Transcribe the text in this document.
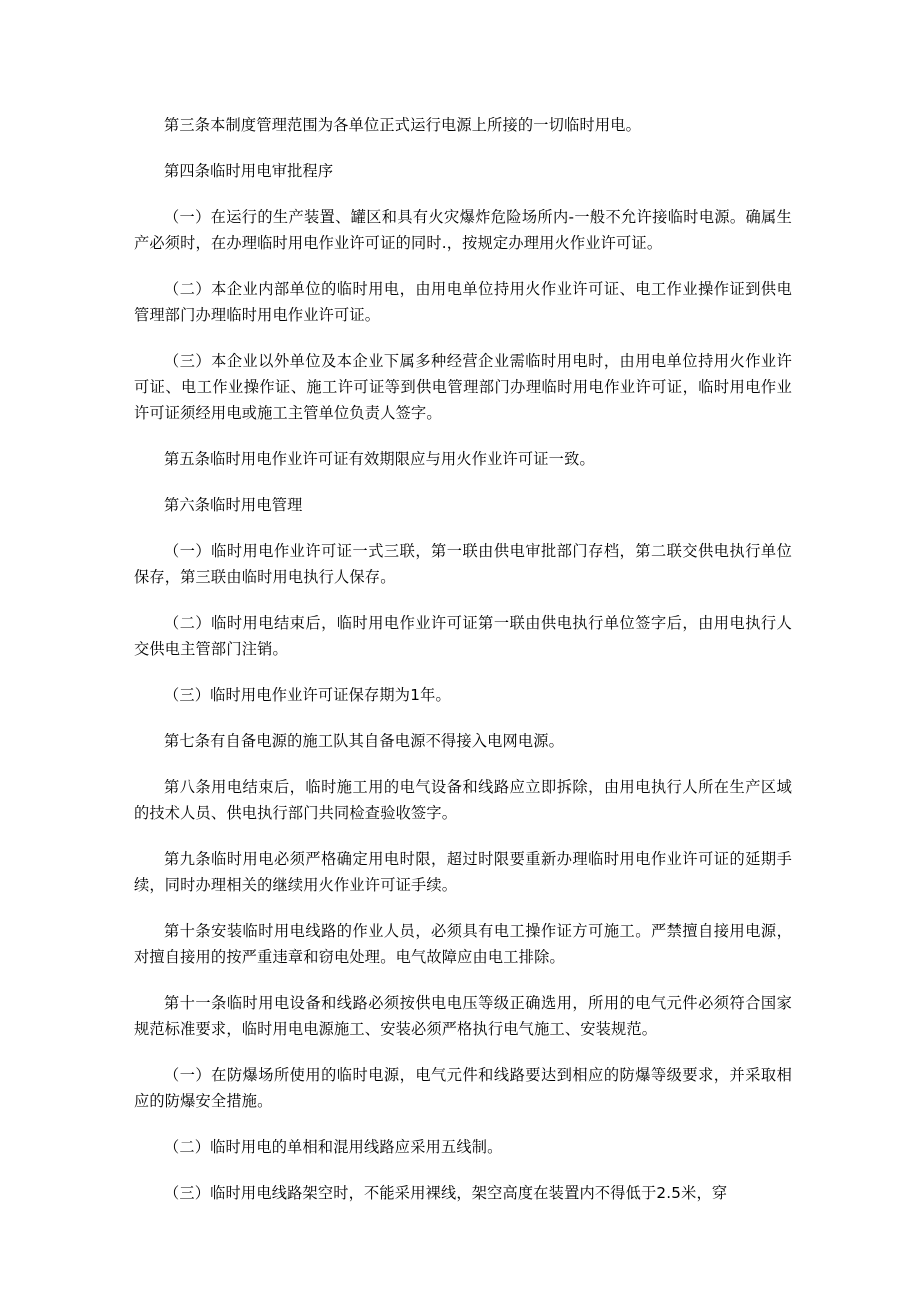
第三条本制度管理范围为各单位正式运行电源上所接的一切临时用电。

第四条临时用电审批程序

（一）在运行的生产装置、罐区和具有火灾爆炸危险场所内-一般不允许接临时电源。确属生产必须时，在办理临时用电作业许可证的同时.，按规定办理用火作业许可证。

（二）本企业内部单位的临时用电，由用电单位持用火作业许可证、电工作业操作证到供电管理部门办理临时用电作业许可证。

（三）本企业以外单位及本企业下属多种经营企业需临时用电时，由用电单位持用火作业许可证、电工作业操作证、施工许可证等到供电管理部门办理临时用电作业许可证，临时用电作业许可证须经用电或施工主管单位负责人签字。

第五条临时用电作业许可证有效期限应与用火作业许可证一致。

第六条临时用电管理

（一）临时用电作业许可证一式三联，第一联由供电审批部门存档，第二联交供电执行单位保存，第三联由临时用电执行人保存。

（二）临时用电结束后，临时用电作业许可证第一联由供电执行单位签字后，由用电执行人交供电主管部门注销。

（三）临时用电作业许可证保存期为1年。

第七条有自备电源的施工队其自备电源不得接入电网电源。

第八条用电结束后，临时施工用的电气设备和线路应立即拆除，由用电执行人所在生产区域的技术人员、供电执行部门共同检查验收签字。

第九条临时用电必须严格确定用电时限，超过时限要重新办理临时用电作业许可证的延期手续，同时办理相关的继续用火作业许可证手续。

第十条安装临时用电线路的作业人员，必须具有电工操作证方可施工。严禁擅自接用电源，对擅自接用的按严重违章和窃电处理。电气故障应由电工排除。

第十一条临时用电设备和线路必须按供电电压等级正确选用，所用的电气元件必须符合国家规范标准要求，临时用电电源施工、安装必须严格执行电气施工、安装规范。

（一）在防爆场所使用的临时电源，电气元件和线路要达到相应的防爆等级要求，并采取相应的防爆安全措施。

（二）临时用电的单相和混用线路应采用五线制。

（三）临时用电线路架空时，不能采用裸线，架空高度在装置内不得低于2.5米，穿
